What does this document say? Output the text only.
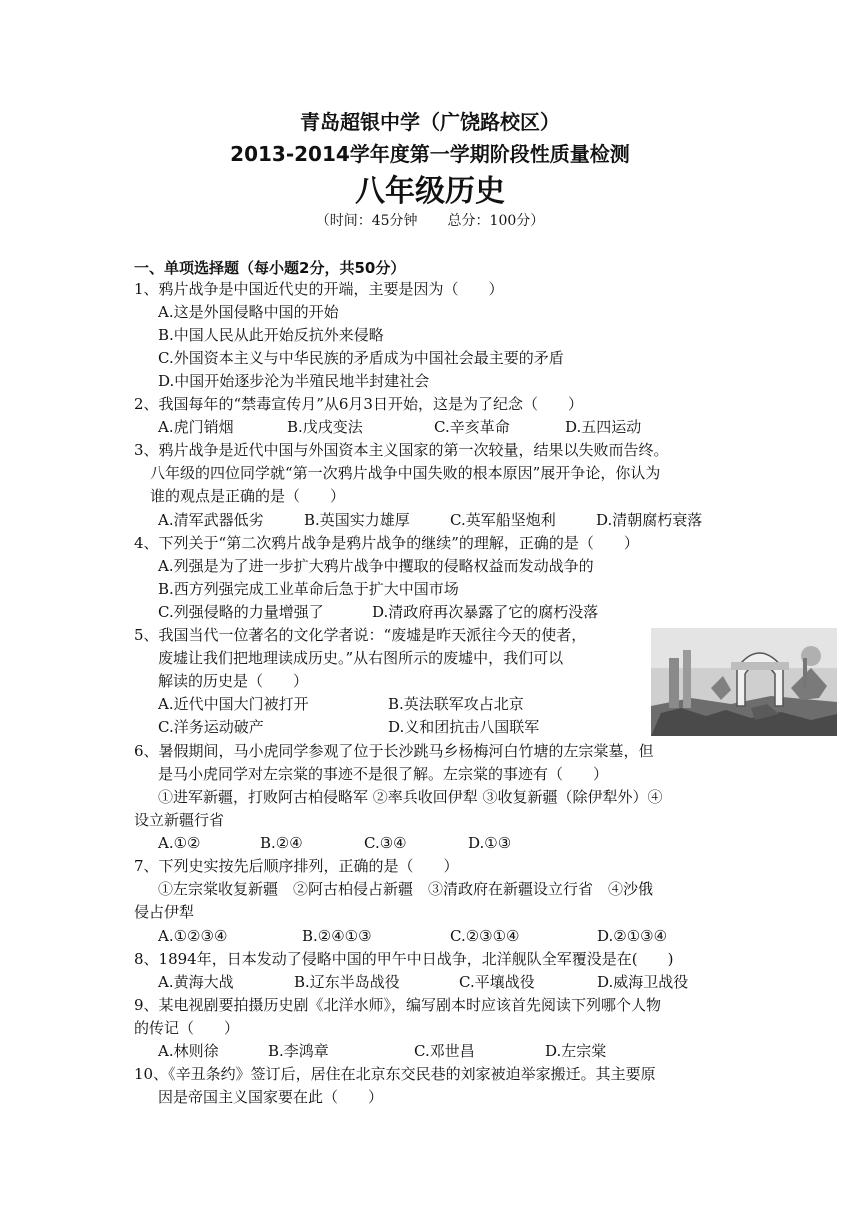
青岛超银中学（广饶路校区）
2013-2014学年度第一学期阶段性质量检测
八年级历史
（时间：45分钟 总分：100分）
一、单项选择题（每小题2分，共50分）
1、鸦片战争是中国近代史的开端，主要是因为（　　）
A.这是外国侵略中国的开始
B.中国人民从此开始反抗外来侵略
C.外国资本主义与中华民族的矛盾成为中国社会最主要的矛盾
D.中国开始逐步沦为半殖民地半封建社会
2、我国每年的“禁毒宣传月”从6月3日开始，这是为了纪念（　　）
A.虎门销烟	B.戊戌变法	C.辛亥革命	D.五四运动
3、鸦片战争是近代中国与外国资本主义国家的第一次较量，结果以失败而告终。
八年级的四位同学就“第一次鸦片战争中国失败的根本原因”展开争论，你认为
谁的观点是正确的是（　　）
A.清军武器低劣	B.英国实力雄厚	C.英军船坚炮利	D.清朝腐朽衰落
4、下列关于“第二次鸦片战争是鸦片战争的继续”的理解，正确的是（　　）
A.列强是为了进一步扩大鸦片战争中攫取的侵略权益而发动战争的
B.西方列强完成工业革命后急于扩大中国市场
C.列强侵略的力量增强了	D.清政府再次暴露了它的腐朽没落
5、我国当代一位著名的文化学者说：“废墟是昨天派往今天的使者，
废墟让我们把地理读成历史。”从右图所示的废墟中，我们可以
解读的历史是（　　）
A.近代中国大门被打开	B.英法联军攻占北京
C.洋务运动破产	D.义和团抗击八国联军
6、暑假期间，马小虎同学参观了位于长沙跳马乡杨梅河白竹塘的左宗棠墓，但
是马小虎同学对左宗棠的事迹不是很了解。左宗棠的事迹有（　　）
①进军新疆，打败阿古柏侵略军 ②率兵收回伊犁 ③收复新疆（除伊犁外）④
设立新疆行省
A.①②	B.②④	C.③④	D.①③
7、下列史实按先后顺序排列，正确的是（　　）
①左宗棠收复新疆　②阿古柏侵占新疆　③清政府在新疆设立行省　④沙俄
侵占伊犁
A.①②③④	B.②④①③	C.②③①④	D.②①③④
8、1894年，日本发动了侵略中国的甲午中日战争，北洋舰队全军覆没是在(　　)
A.黄海大战	B.辽东半岛战役	C.平壤战役	D.威海卫战役
9、某电视剧要拍摄历史剧《北洋水师》，编写剧本时应该首先阅读下列哪个人物
的传记（　　）
A.林则徐	B.李鸿章	C.邓世昌	D.左宗棠
10、《辛丑条约》签订后，居住在北京东交民巷的刘家被迫举家搬迁。其主要原
因是帝国主义国家要在此（　　）
